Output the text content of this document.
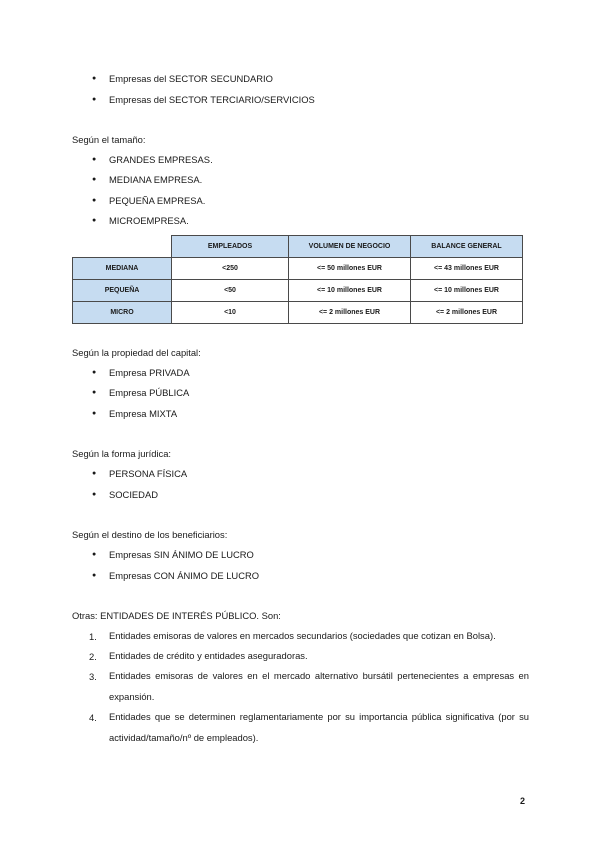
● Empresas del SECTOR SECUNDARIO
● Empresas del SECTOR TERCIARIO/SERVICIOS
Según el tamaño:
● GRANDES EMPRESAS.
● MEDIANA EMPRESA.
● PEQUEÑA EMPRESA.
● MICROEMPRESA.
	EMPLEADOS	VOLUMEN DE NEGOCIO	BALANCE GENERAL
MEDIANA	<250	<= 50 millones EUR	<= 43 millones EUR
PEQUEÑA	<50	<= 10 millones EUR	<= 10 millones EUR
MICRO	<10	<= 2 millones EUR	<= 2 millones EUR
Según la propiedad del capital:
● Empresa PRIVADA
● Empresa PÚBLICA
● Empresa MIXTA
Según la forma jurídica:
● PERSONA FÍSICA
● SOCIEDAD
Según el destino de los beneficiarios:
● Empresas SIN ÁNIMO DE LUCRO
● Empresas CON ÁNIMO DE LUCRO
Otras: ENTIDADES DE INTERÉS PÚBLICO. Son:
1. Entidades emisoras de valores en mercados secundarios (sociedades que cotizan en Bolsa).
2. Entidades de crédito y entidades aseguradoras.
3. Entidades emisoras de valores en el mercado alternativo bursátil pertenecientes a empresas en expansión.
4. Entidades que se determinen reglamentariamente por su importancia pública significativa (por su actividad/tamaño/nº de empleados).
2
